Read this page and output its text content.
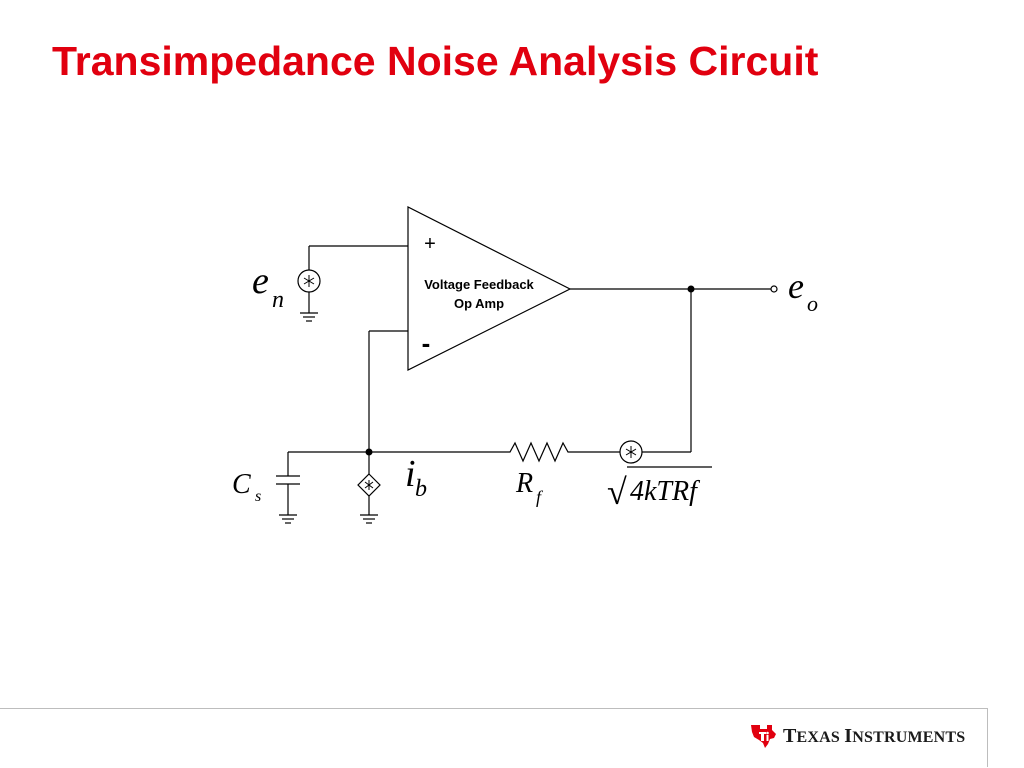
Transimpedance Noise Analysis Circuit
+
-
Voltage Feedback
Op Amp
e n	e o
i b
C s	R f √ 4kTRf
TEXAS INSTRUMENTS
